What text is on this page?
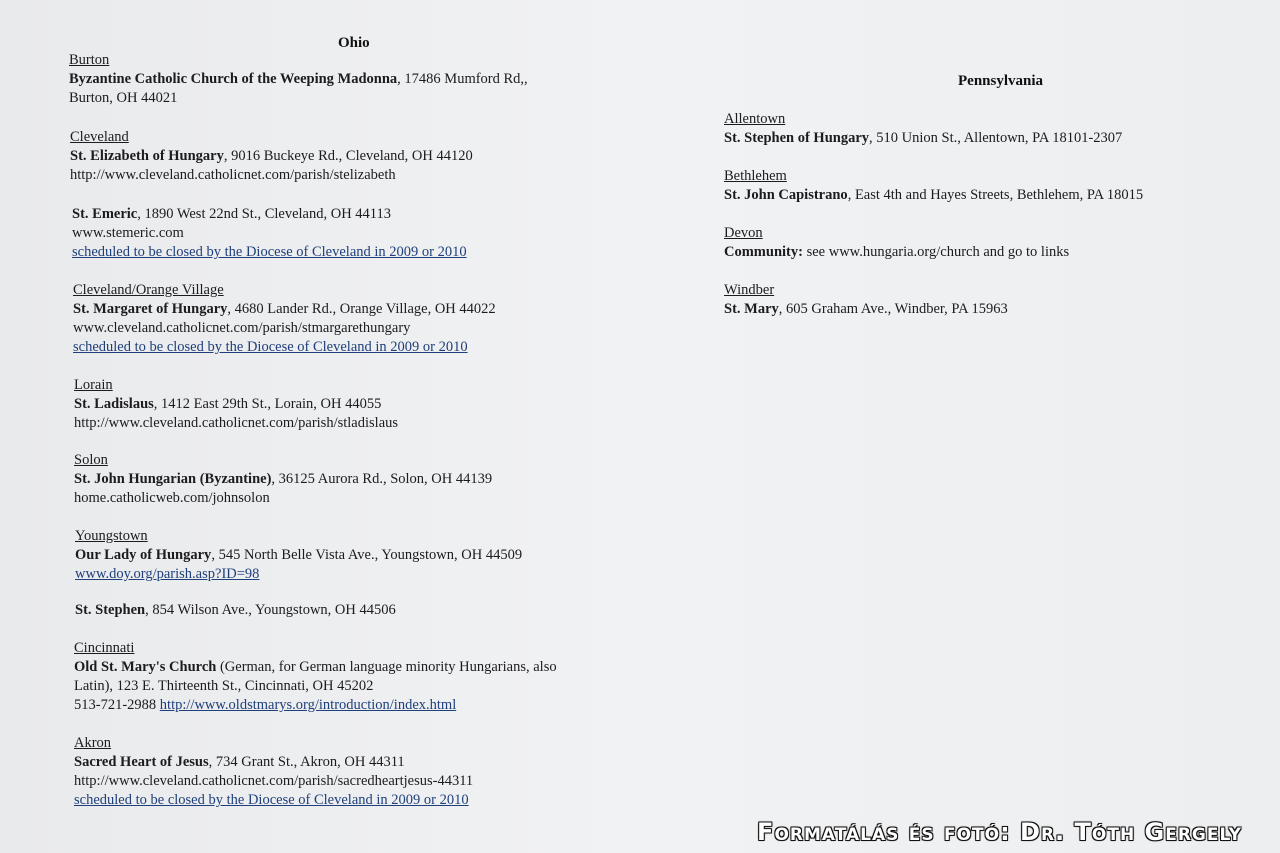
Ohio
Burton
Byzantine Catholic Church of the Weeping Madonna, 17486 Mumford Rd,,
Burton, OH 44021
Cleveland
St. Elizabeth of Hungary, 9016 Buckeye Rd., Cleveland, OH 44120
http://www.cleveland.catholicnet.com/parish/stelizabeth
St. Emeric, 1890 West 22nd St., Cleveland, OH 44113
www.stemeric.com
scheduled to be closed by the Diocese of Cleveland in 2009 or 2010
Cleveland/Orange Village
St. Margaret of Hungary, 4680 Lander Rd., Orange Village, OH 44022
www.cleveland.catholicnet.com/parish/stmargarethungary
scheduled to be closed by the Diocese of Cleveland in 2009 or 2010
Lorain
St. Ladislaus, 1412 East 29th St., Lorain, OH 44055
http://www.cleveland.catholicnet.com/parish/stladislaus
Solon
St. John Hungarian (Byzantine), 36125 Aurora Rd., Solon, OH 44139
home.catholicweb.com/johnsolon
Youngstown
Our Lady of Hungary, 545 North Belle Vista Ave., Youngstown, OH 44509
www.doy.org/parish.asp?ID=98
St. Stephen, 854 Wilson Ave., Youngstown, OH 44506
Cincinnati
Old St. Mary's Church (German, for German language minority Hungarians, also
Latin), 123 E. Thirteenth St., Cincinnati, OH 45202
513-721-2988 http://www.oldstmarys.org/introduction/index.html
Akron
Sacred Heart of Jesus, 734 Grant St., Akron, OH 44311
http://www.cleveland.catholicnet.com/parish/sacredheartjesus-44311
scheduled to be closed by the Diocese of Cleveland in 2009 or 2010
Pennsylvania
Allentown
St. Stephen of Hungary, 510 Union St., Allentown, PA 18101-2307
Bethlehem
St. John Capistrano, East 4th and Hayes Streets, Bethlehem, PA 18015
Devon
Community: see www.hungaria.org/church and go to links
Windber
St. Mary, 605 Graham Ave., Windber, PA 15963
Formatálás és fotó: Dr. Tóth Gergely
